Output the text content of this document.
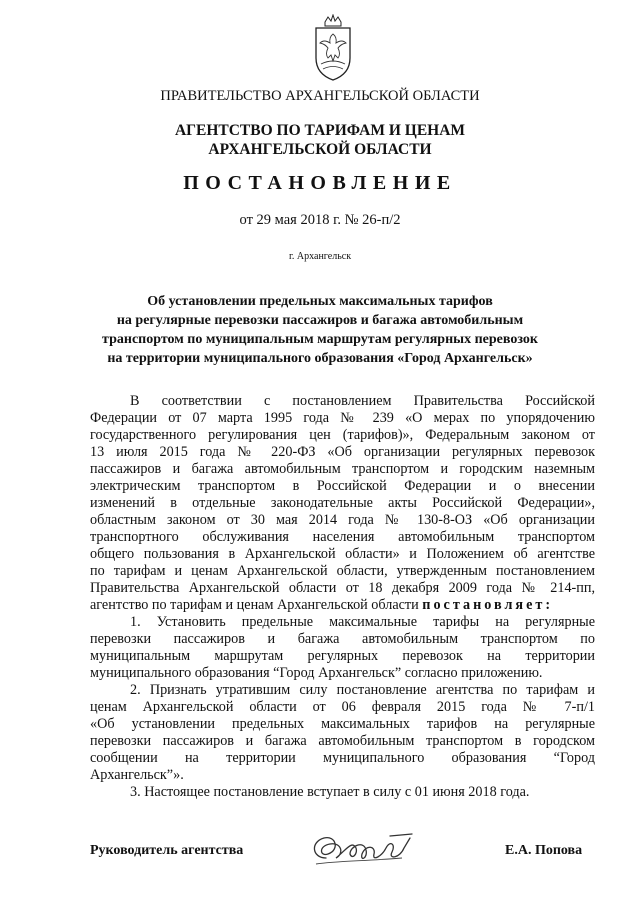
ПРАВИТЕЛЬСТВО АРХАНГЕЛЬСКОЙ ОБЛАСТИ
АГЕНТСТВО ПО ТАРИФАМ И ЦЕНАМ
АРХАНГЕЛЬСКОЙ ОБЛАСТИ
ПОСТАНОВЛЕНИЕ
от 29 мая 2018 г. № 26-п/2
г. Архангельск
Об установлении предельных максимальных тарифов
на регулярные перевозки пассажиров и багажа автомобильным
транспортом по муниципальным маршрутам регулярных перевозок
на территории муниципального образования «Город Архангельск»
В соответствии с постановлением Правительства Российской
Федерации от 07 марта 1995 года № 239 «О мерах по упорядочению
государственного регулирования цен (тарифов)», Федеральным законом от
13 июля 2015 года № 220-ФЗ «Об организации регулярных перевозок
пассажиров и багажа автомобильным транспортом и городским наземным
электрическим транспортом в Российской Федерации и о внесении
изменений в отдельные законодательные акты Российской Федерации»,
областным законом от 30 мая 2014 года № 130-8-ОЗ «Об организации
транспортного обслуживания населения автомобильным транспортом
общего пользования в Архангельской области» и Положением об агентстве
по тарифам и ценам Архангельской области, утвержденным постановлением
Правительства Архангельской области от 18 декабря 2009 года № 214-пп,
агентство по тарифам и ценам Архангельской области постановляет:
1. Установить предельные максимальные тарифы на регулярные
перевозки пассажиров и багажа автомобильным транспортом по
муниципальным маршрутам регулярных перевозок на территории
муниципального образования “Город Архангельск” согласно приложению.
2. Признать утратившим силу постановление агентства по тарифам и
ценам Архангельской области от 06 февраля 2015 года № 7-п/1
«Об установлении предельных максимальных тарифов на регулярные
перевозки пассажиров и багажа автомобильным транспортом в городском
сообщении на территории муниципального образования “Город
Архангельск”».
3. Настоящее постановление вступает в силу с 01 июня 2018 года.
Руководитель агентства	Е.А. Попова
